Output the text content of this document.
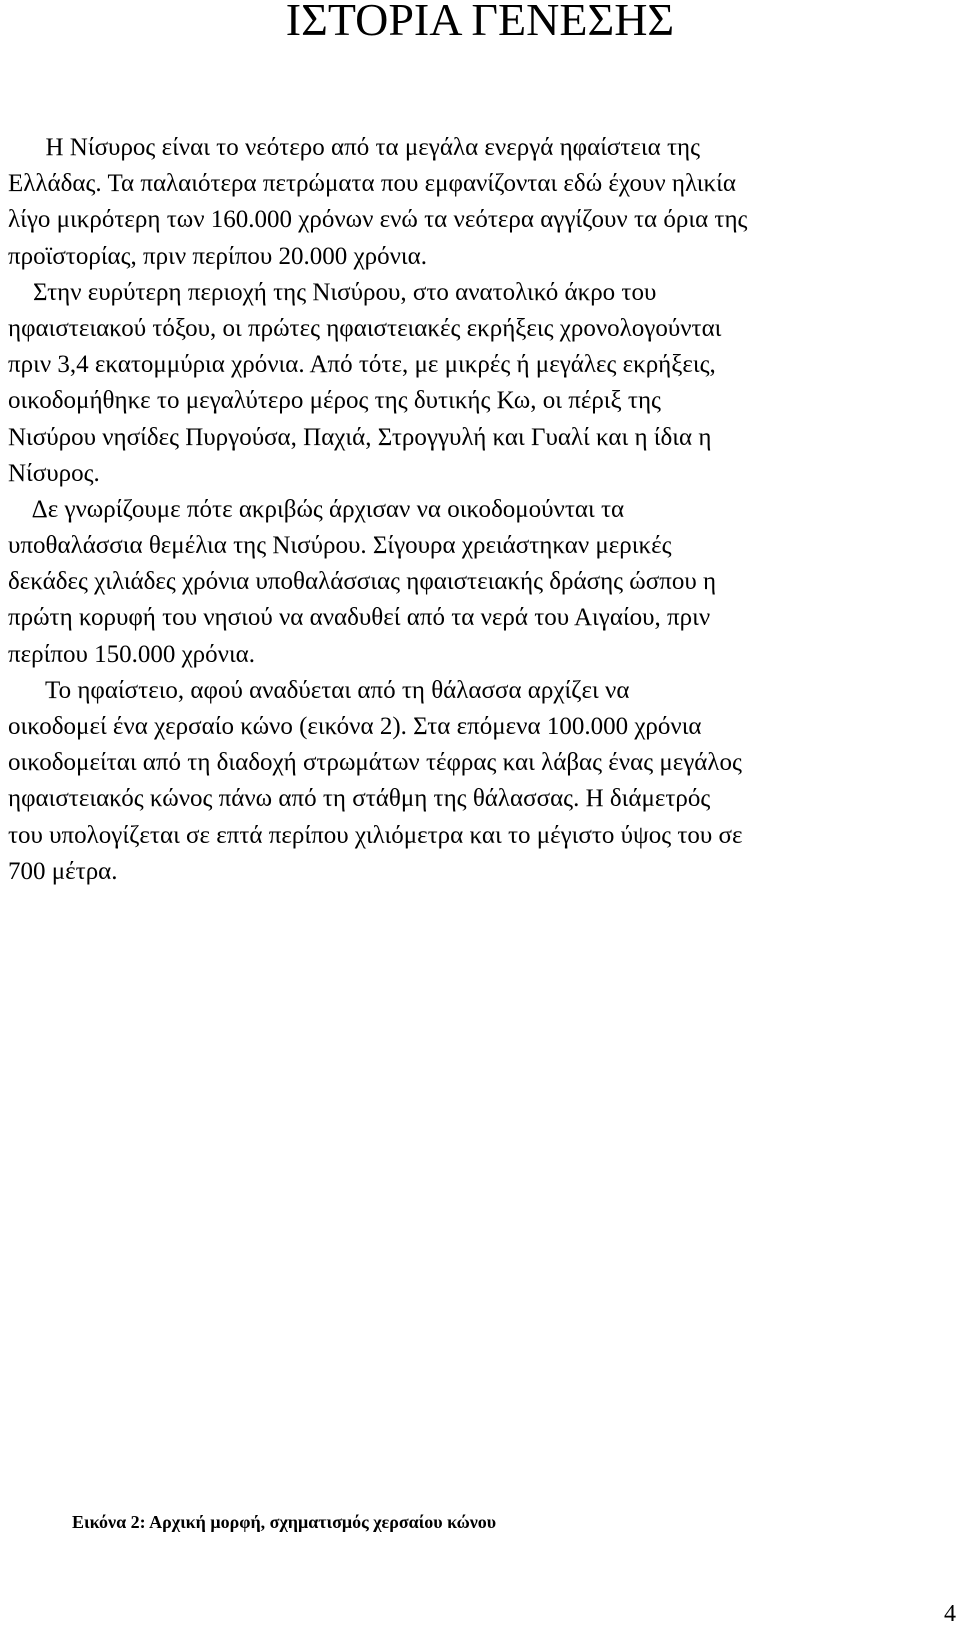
ΙΣΤΟΡΙΑ ΓΕΝΕΣΗΣ
Η Νίσυρος είναι το νεότερο από τα μεγάλα ενεργά ηφαίστεια της
Ελλάδας. Τα παλαιότερα πετρώματα που εμφανίζονται εδώ έχουν ηλικία
λίγο μικρότερη των 160.000 χρόνων ενώ τα νεότερα αγγίζουν τα όρια της
προϊστορίας, πριν περίπου 20.000 χρόνια.
Στην ευρύτερη περιοχή της Νισύρου, στο ανατολικό άκρο του
ηφαιστειακού τόξου, οι πρώτες ηφαιστειακές εκρήξεις χρονολογούνται
πριν 3,4 εκατομμύρια χρόνια. Από τότε, με μικρές ή μεγάλες εκρήξεις,
οικοδομήθηκε το μεγαλύτερο μέρος της δυτικής Κω, οι πέριξ της
Νισύρου νησίδες Πυργούσα, Παχιά, Στρογγυλή και Γυαλί και η ίδια η
Νίσυρος.
Δε γνωρίζουμε πότε ακριβώς άρχισαν να οικοδομούνται τα
υποθαλάσσια θεμέλια της Νισύρου. Σίγουρα χρειάστηκαν μερικές
δεκάδες χιλιάδες χρόνια υποθαλάσσιας ηφαιστειακής δράσης ώσπου η
πρώτη κορυφή του νησιού να αναδυθεί από τα νερά του Αιγαίου, πριν
περίπου 150.000 χρόνια.
Το ηφαίστειο, αφού αναδύεται από τη θάλασσα αρχίζει να
οικοδομεί ένα χερσαίο κώνο (εικόνα 2). Στα επόμενα 100.000 χρόνια
οικοδομείται από τη διαδοχή στρωμάτων τέφρας και λάβας ένας μεγάλος
ηφαιστειακός κώνος πάνω από τη στάθμη της θάλασσας. Η διάμετρός
του υπολογίζεται σε επτά περίπου χιλιόμετρα και το μέγιστο ύψος του σε
700 μέτρα.
Εικόνα 2: Αρχική μορφή, σχηματισμός χερσαίου κώνου
4
